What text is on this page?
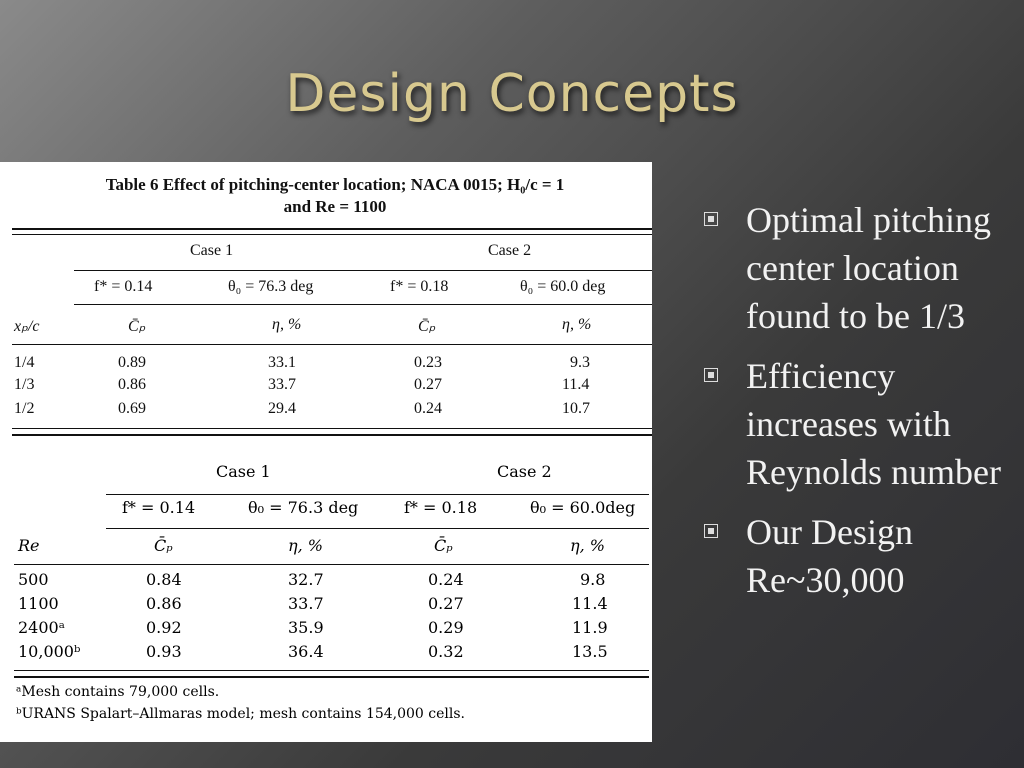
Design Concepts
Table 6 Effect of pitching-center location; NACA 0015; H₀/c = 1
and Re = 1100
Case 1	Case 2
f* = 0.14	θ₀ = 76.3 deg	f* = 0.18	θ₀ = 60.0 deg
xₚ/c	C̄ₚ	η, %	C̄ₚ	η, %
1/4	0.89	33.1	0.23	9.3
1/3	0.86	33.7	0.27	11.4
1/2	0.69	29.4	0.24	10.7
Case 1	Case 2
f* = 0.14	θ₀ = 76.3 deg	f* = 0.18	θ₀ = 60.0deg
Re	C̄ₚ	η, %	C̄ₚ	η, %
500	0.84	32.7	0.24	9.8
1100	0.86	33.7	0.27	11.4
2400ᵃ	0.92	35.9	0.29	11.9
10,000ᵇ	0.93	36.4	0.32	13.5
ᵃMesh contains 79,000 cells.
ᵇURANS Spalart–Allmaras model; mesh contains 154,000 cells.
Optimal pitching center location found to be 1/3
Efficiency increases with Reynolds number
Our Design Re~30,000
